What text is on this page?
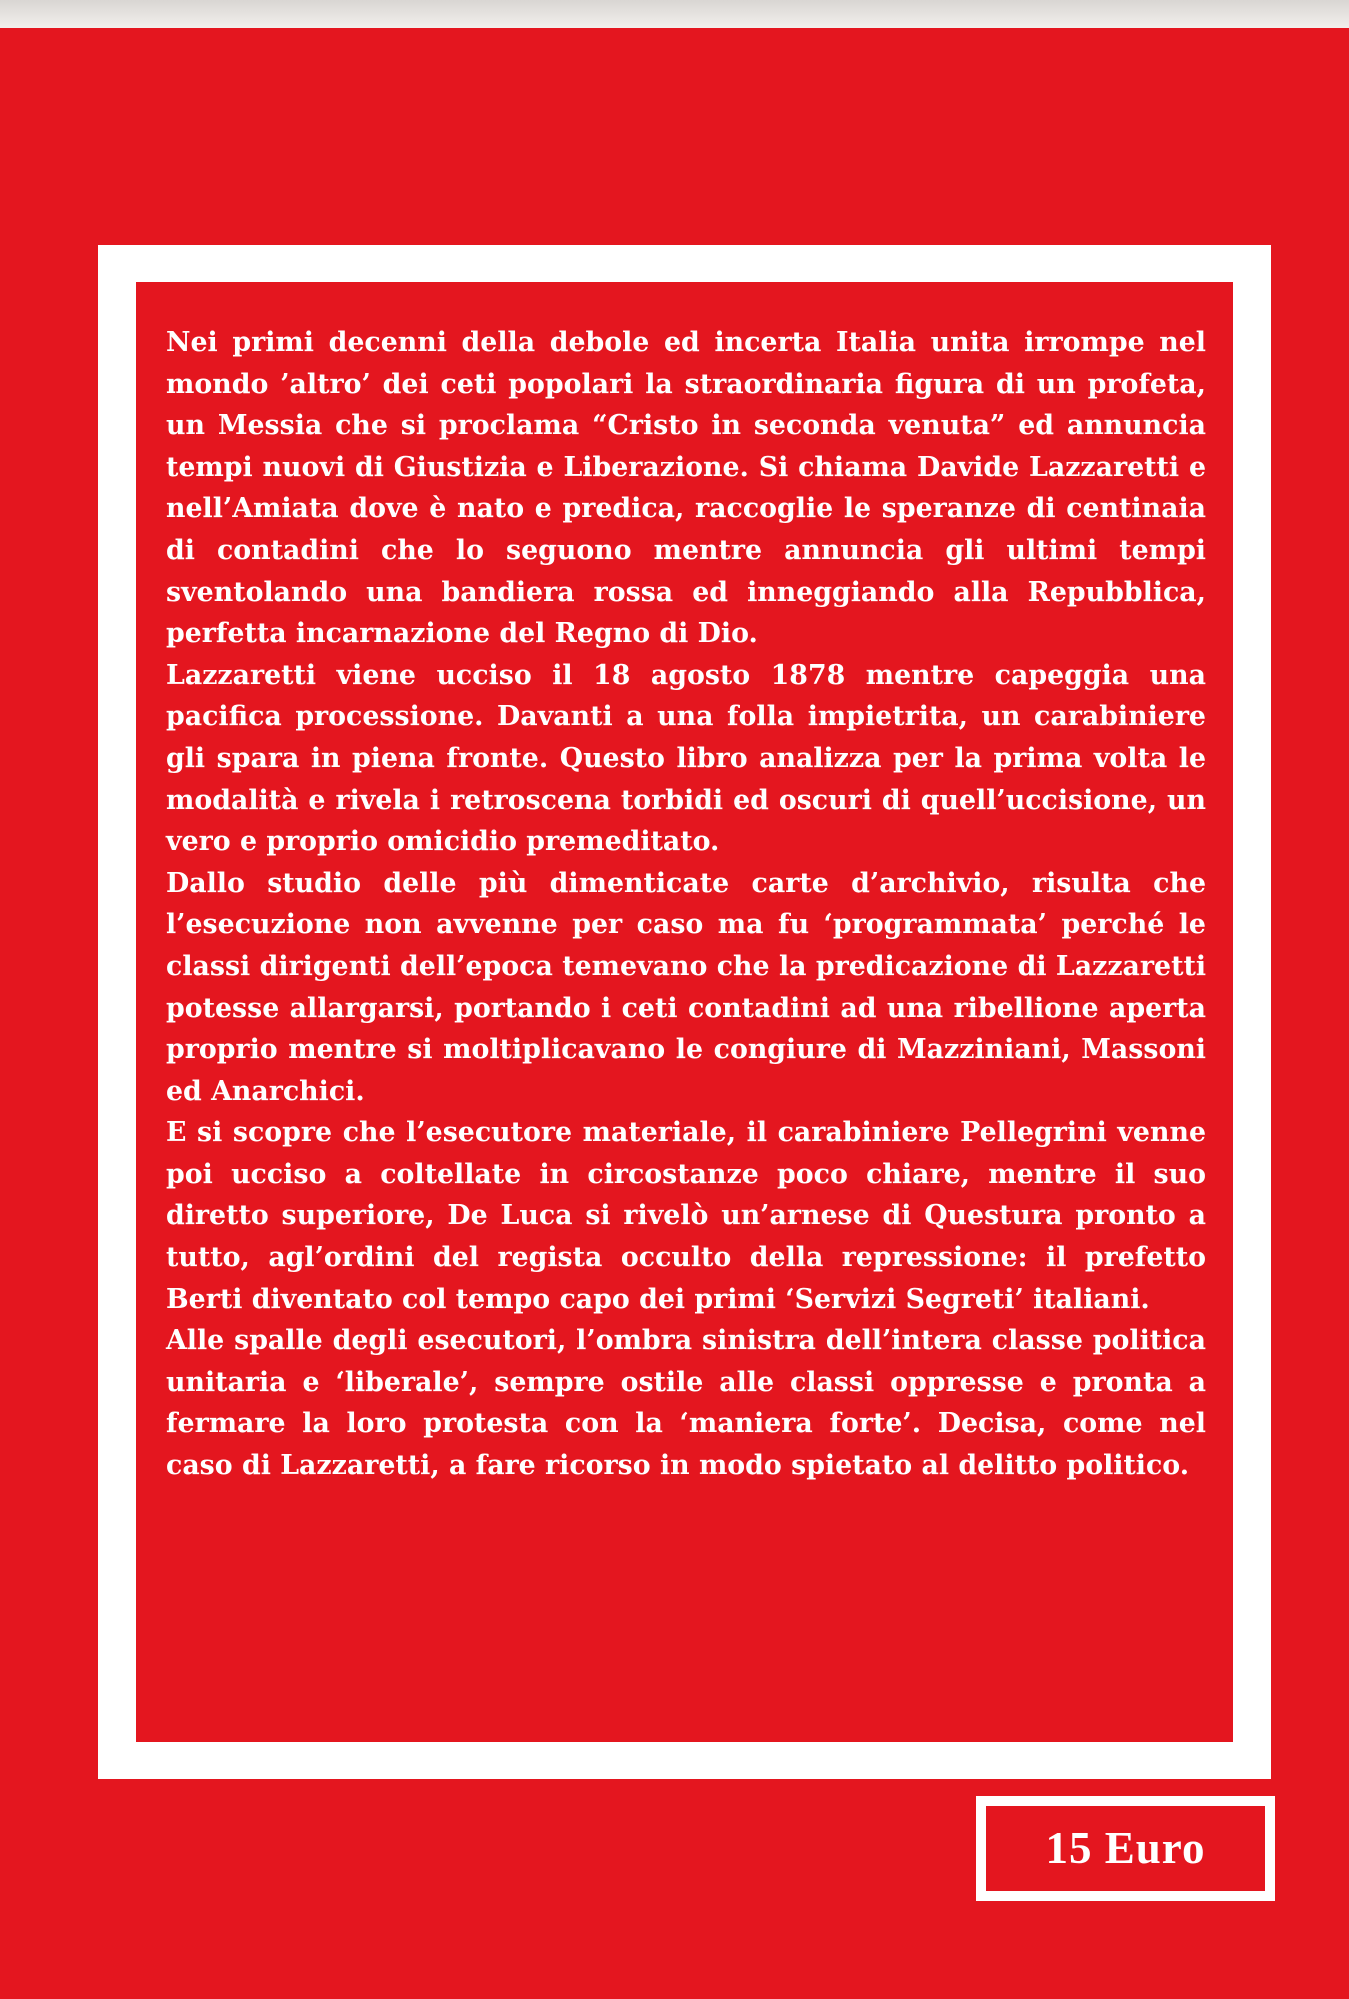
Nei primi decenni della debole ed incerta Italia unita irrompe nel mondo ’altro’ dei ceti popolari la straordinaria figura di un profeta, un Messia che si proclama “Cristo in seconda venuta” ed annuncia tempi nuovi di Giustizia e Liberazione. Si chiama Davide Lazzaretti e nell’Amiata dove è nato e predica, raccoglie le speranze di centinaia di contadini che lo seguono mentre annuncia gli ultimi tempi sventolando una bandiera rossa ed inneggiando alla Repubblica, perfetta incarnazione del Regno di Dio.

Lazzaretti viene ucciso il 18 agosto 1878 mentre capeggia una pacifica processione. Davanti a una folla impietrita, un carabiniere gli spara in piena fronte. Questo libro analizza per la prima volta le modalità e rivela i retroscena torbidi ed oscuri di quell’uccisione, un vero e proprio omicidio premeditato.

Dallo studio delle più dimenticate carte d’archivio, risulta che l’esecuzione non avvenne per caso ma fu ‘programmata’ perché le classi dirigenti dell’epoca temevano che la predicazione di Lazzaretti potesse allargarsi, portando i ceti contadini ad una ribellione aperta proprio mentre si moltiplicavano le congiure di Mazziniani, Massoni ed Anarchici.

E si scopre che l’esecutore materiale, il carabiniere Pellegrini venne poi ucciso a coltellate in circostanze poco chiare, mentre il suo diretto superiore, De Luca si rivelò un’arnese di Questura pronto a tutto, agl’ordini del regista occulto della repressione: il prefetto Berti diventato col tempo capo dei primi ‘Servizi Segreti’ italiani.

Alle spalle degli esecutori, l’ombra sinistra dell’intera classe politica unitaria e ‘liberale’, sempre ostile alle classi oppresse e pronta a fermare la loro protesta con la ‘maniera forte’. Decisa, come nel caso di Lazzaretti, a fare ricorso in modo spietato al delitto politico.

15 Euro
